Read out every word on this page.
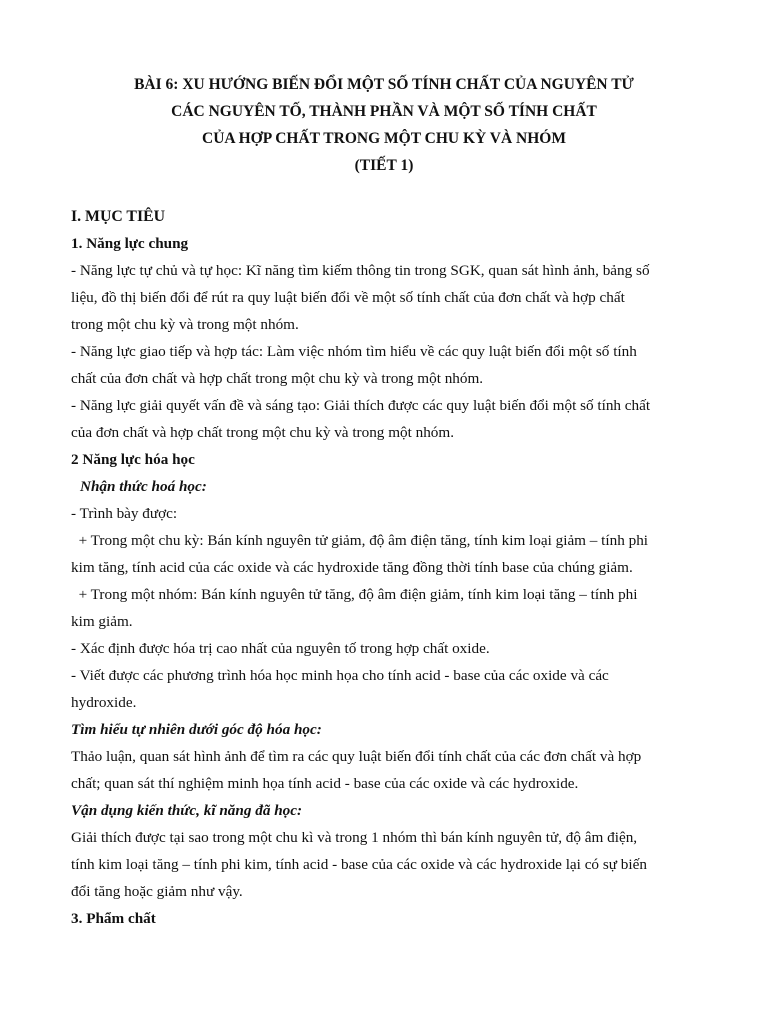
BÀI 6: XU HƯỚNG BIẾN ĐỔI MỘT SỐ TÍNH CHẤT CỦA NGUYÊN TỬ
CÁC NGUYÊN TỐ, THÀNH PHẦN VÀ MỘT SỐ TÍNH CHẤT
CỦA HỢP CHẤT TRONG MỘT CHU KỲ VÀ NHÓM
(TIẾT 1)
I. MỤC TIÊU
1. Năng lực chung
- Năng lực tự chủ và tự học: Kĩ năng tìm kiếm thông tin trong SGK, quan sát hình ảnh, bảng số
liệu, đồ thị biến đổi để rút ra quy luật biến đổi về một số tính chất của đơn chất và hợp chất
trong một chu kỳ và trong một nhóm.
- Năng lực giao tiếp và hợp tác: Làm việc nhóm tìm hiểu về các quy luật biến đổi một số tính
chất của đơn chất và hợp chất trong một chu kỳ và trong một nhóm.
- Năng lực giải quyết vấn đề và sáng tạo: Giải thích được các quy luật biến đổi một số tính chất
của đơn chất và hợp chất trong một chu kỳ và trong một nhóm.
2 Năng lực hóa học
Nhận thức hoá học:
- Trình bày được:
+ Trong một chu kỳ: Bán kính nguyên tử giảm, độ âm điện tăng, tính kim loại giảm – tính phi
kim tăng, tính acid của các oxide và các hydroxide tăng đồng thời tính base của chúng giảm.
+ Trong một nhóm: Bán kính nguyên tử tăng, độ âm điện giảm, tính kim loại tăng – tính phi
kim giảm.
- Xác định được hóa trị cao nhất của nguyên tố trong hợp chất oxide.
- Viết được các phương trình hóa học minh họa cho tính acid - base của các oxide và các
hydroxide.
Tìm hiểu tự nhiên dưới góc độ hóa học:
Thảo luận, quan sát hình ảnh để tìm ra các quy luật biến đổi tính chất của các đơn chất và hợp
chất; quan sát thí nghiệm minh họa tính acid - base của các oxide và các hydroxide.
Vận dụng kiến thức, kĩ năng đã học:
Giải thích được tại sao trong một chu kì và trong 1 nhóm thì bán kính nguyên tử, độ âm điện,
tính kim loại tăng – tính phi kim, tính acid - base của các oxide và các hydroxide lại có sự biến
đổi tăng hoặc giảm như vậy.
3. Phẩm chất
